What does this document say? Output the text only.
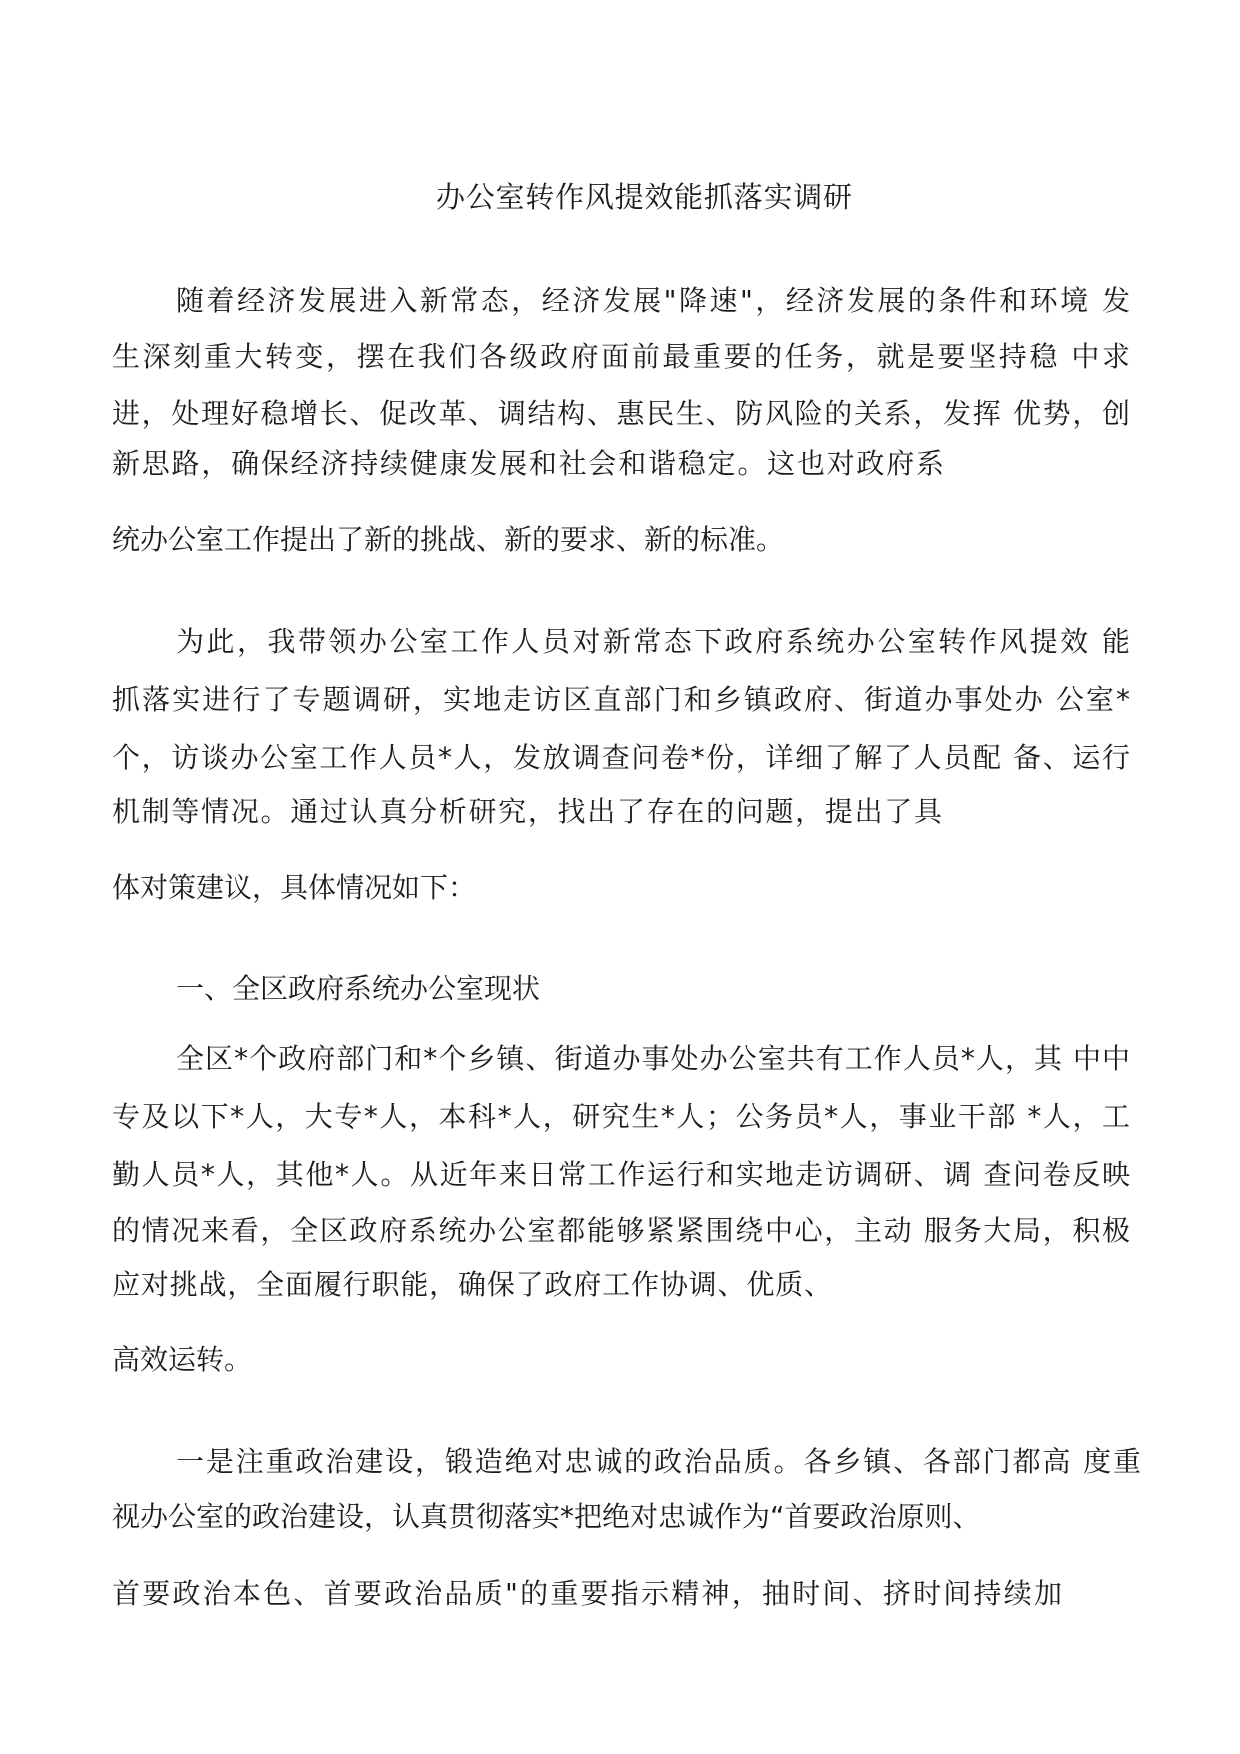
办公室转作风提效能抓落实调研
随着经济发展进入新常态，经济发展"降速"，经济发展的条件和环境 发
生深刻重大转变，摆在我们各级政府面前最重要的任务，就是要坚持稳 中求
进，处理好稳增长、促改革、调结构、惠民生、防风险的关系，发挥 优势，创
新思路，确保经济持续健康发展和社会和谐稳定。这也对政府系
统办公室工作提出了新的挑战、新的要求、新的标准。
为此，我带领办公室工作人员对新常态下政府系统办公室转作风提效 能
抓落实进行了专题调研，实地走访区直部门和乡镇政府、街道办事处办 公室*
个，访谈办公室工作人员*人，发放调查问卷*份，详细了解了人员配 备、运行
机制等情况。通过认真分析研究，找出了存在的问题，提出了具
体对策建议，具体情况如下：
一、全区政府系统办公室现状
全区*个政府部门和*个乡镇、街道办事处办公室共有工作人员*人，其 中中
专及以下*人，大专*人，本科*人，研究生*人；公务员*人，事业干部 *人，工
勤人员*人，其他*人。从近年来日常工作运行和实地走访调研、调 查问卷反映
的情况来看，全区政府系统办公室都能够紧紧围绕中心，主动 服务大局，积极
应对挑战，全面履行职能，确保了政府工作协调、优质、
高效运转。
一是注重政治建设，锻造绝对忠诚的政治品质。各乡镇、各部门都高 度重
视办公室的政治建设，认真贯彻落实*把绝对忠诚作为“首要政治原则、
首要政治本色、首要政治品质"的重要指示精神，抽时间、挤时间持续加
